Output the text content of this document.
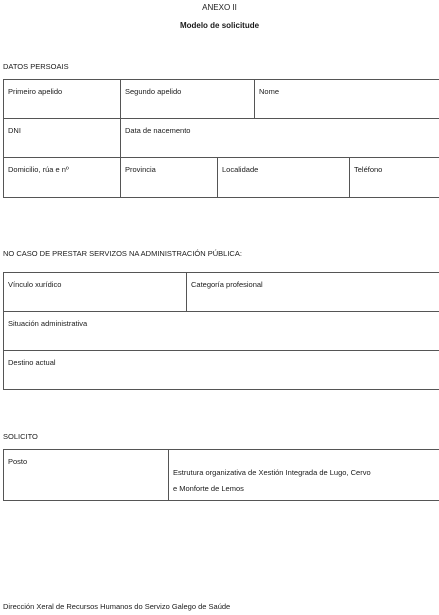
ANEXO II
Modelo de solicitude
DATOS PERSOAIS
Primeiro apelido	Segundo apelido		Nome	
DNI	Data de nacemento			
Domicilio, rúa e nº	Provincia	Localidade		Teléfono
NO CASO DE PRESTAR SERVIZOS NA ADMINISTRACIÓN PÚBLICA:
Vínculo xurídico	Categoría profesional
Situación administrativa
Destino actual
SOLICITO
Posto	
Estrutura organizativa de Xestión Integrada de Lugo, Cervo
e Monforte de Lemos
Dirección Xeral de Recursos Humanos do Servizo Galego de Saúde
